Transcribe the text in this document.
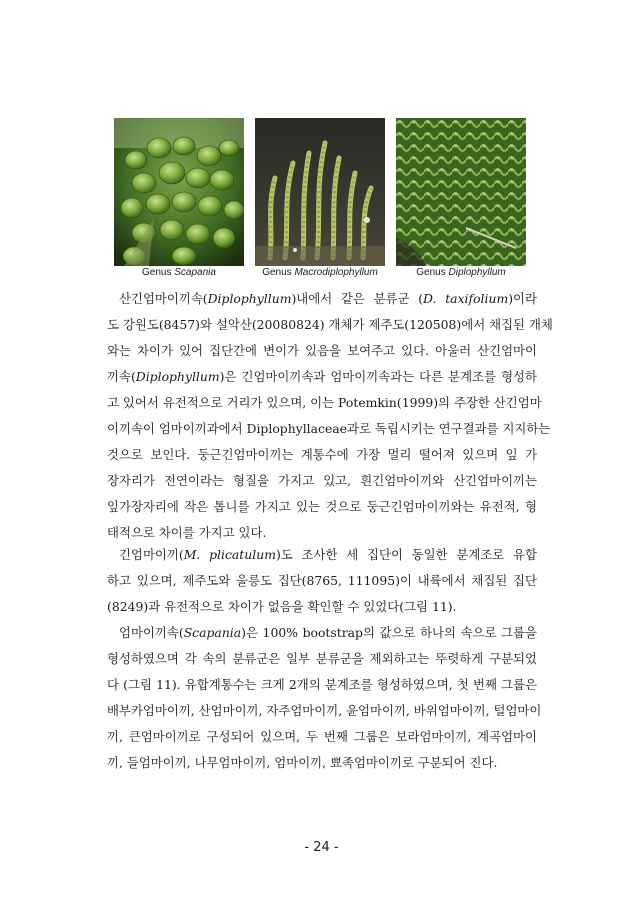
Genus Scapania	Genus Macrodiplophyllum	Genus Diplophyllum
산긴엄마이끼속(Diplophyllum)내에서 같은 분류군 (D. taxifolium)이라
도 강원도(8457)와 설악산(20080824) 개체가 제주도(120508)에서 채집된 개체
와는 차이가 있어 집단간에 변이가 있음을 보여주고 있다. 아울러 산긴엄마이
끼속(Diplophyllum)은 긴엄마이끼속과 엄마이끼속과는 다른 분계조를 형성하
고 있어서 유전적으로 거리가 있으며, 이는 Potemkin(1999)의 주장한 산긴엄마
이끼속이 엄마이끼과에서 Diplophyllaceae과로 독립시키는 연구결과를 지지하는
것으로 보인다. 둥근긴엄마이끼는 계통수에 가장 멀리 떨어져 있으며 잎 가
장자리가 전연이라는 형질을 가지고 있고, 흰긴엄마이끼와 산긴엄마이끼는
잎가장자리에 작은 톱니를 가지고 있는 것으로 둥근긴엄마이끼와는 유전적, 형
태적으로 차이를 가지고 있다.
긴엄마이끼(M. plicatulum)도 조사한 세 집단이 동일한 분계조로 유합
하고 있으며, 제주도와 울릉도 집단(8765, 111095)이 내륙에서 채집된 집단
(8249)과 유전적으로 차이가 없음을 확인할 수 있었다(그림 11).
엄마이끼속(Scapania)은 100% bootstrap의 값으로 하나의 속으로 그룹을
형성하였으며 각 속의 분류군은 일부 분류군을 제외하고는 뚜렷하게 구분되었
다 (그림 11). 유합계통수는 크게 2개의 분계조를 형성하였으며, 첫 번째 그룹은
배부카엄마이끼, 산엄마이끼, 자주엄마이끼, 윤엄마이끼, 바위엄마이끼, 털엄마이
끼, 큰엄마이끼로 구성되어 있으며, 두 번째 그룹은 보라엄마이끼, 계곡엄마이
끼, 들엄마이끼, 나무엄마이끼, 엄마이끼, 뾰족엄마이끼로 구분되어 진다.
- 24 -
